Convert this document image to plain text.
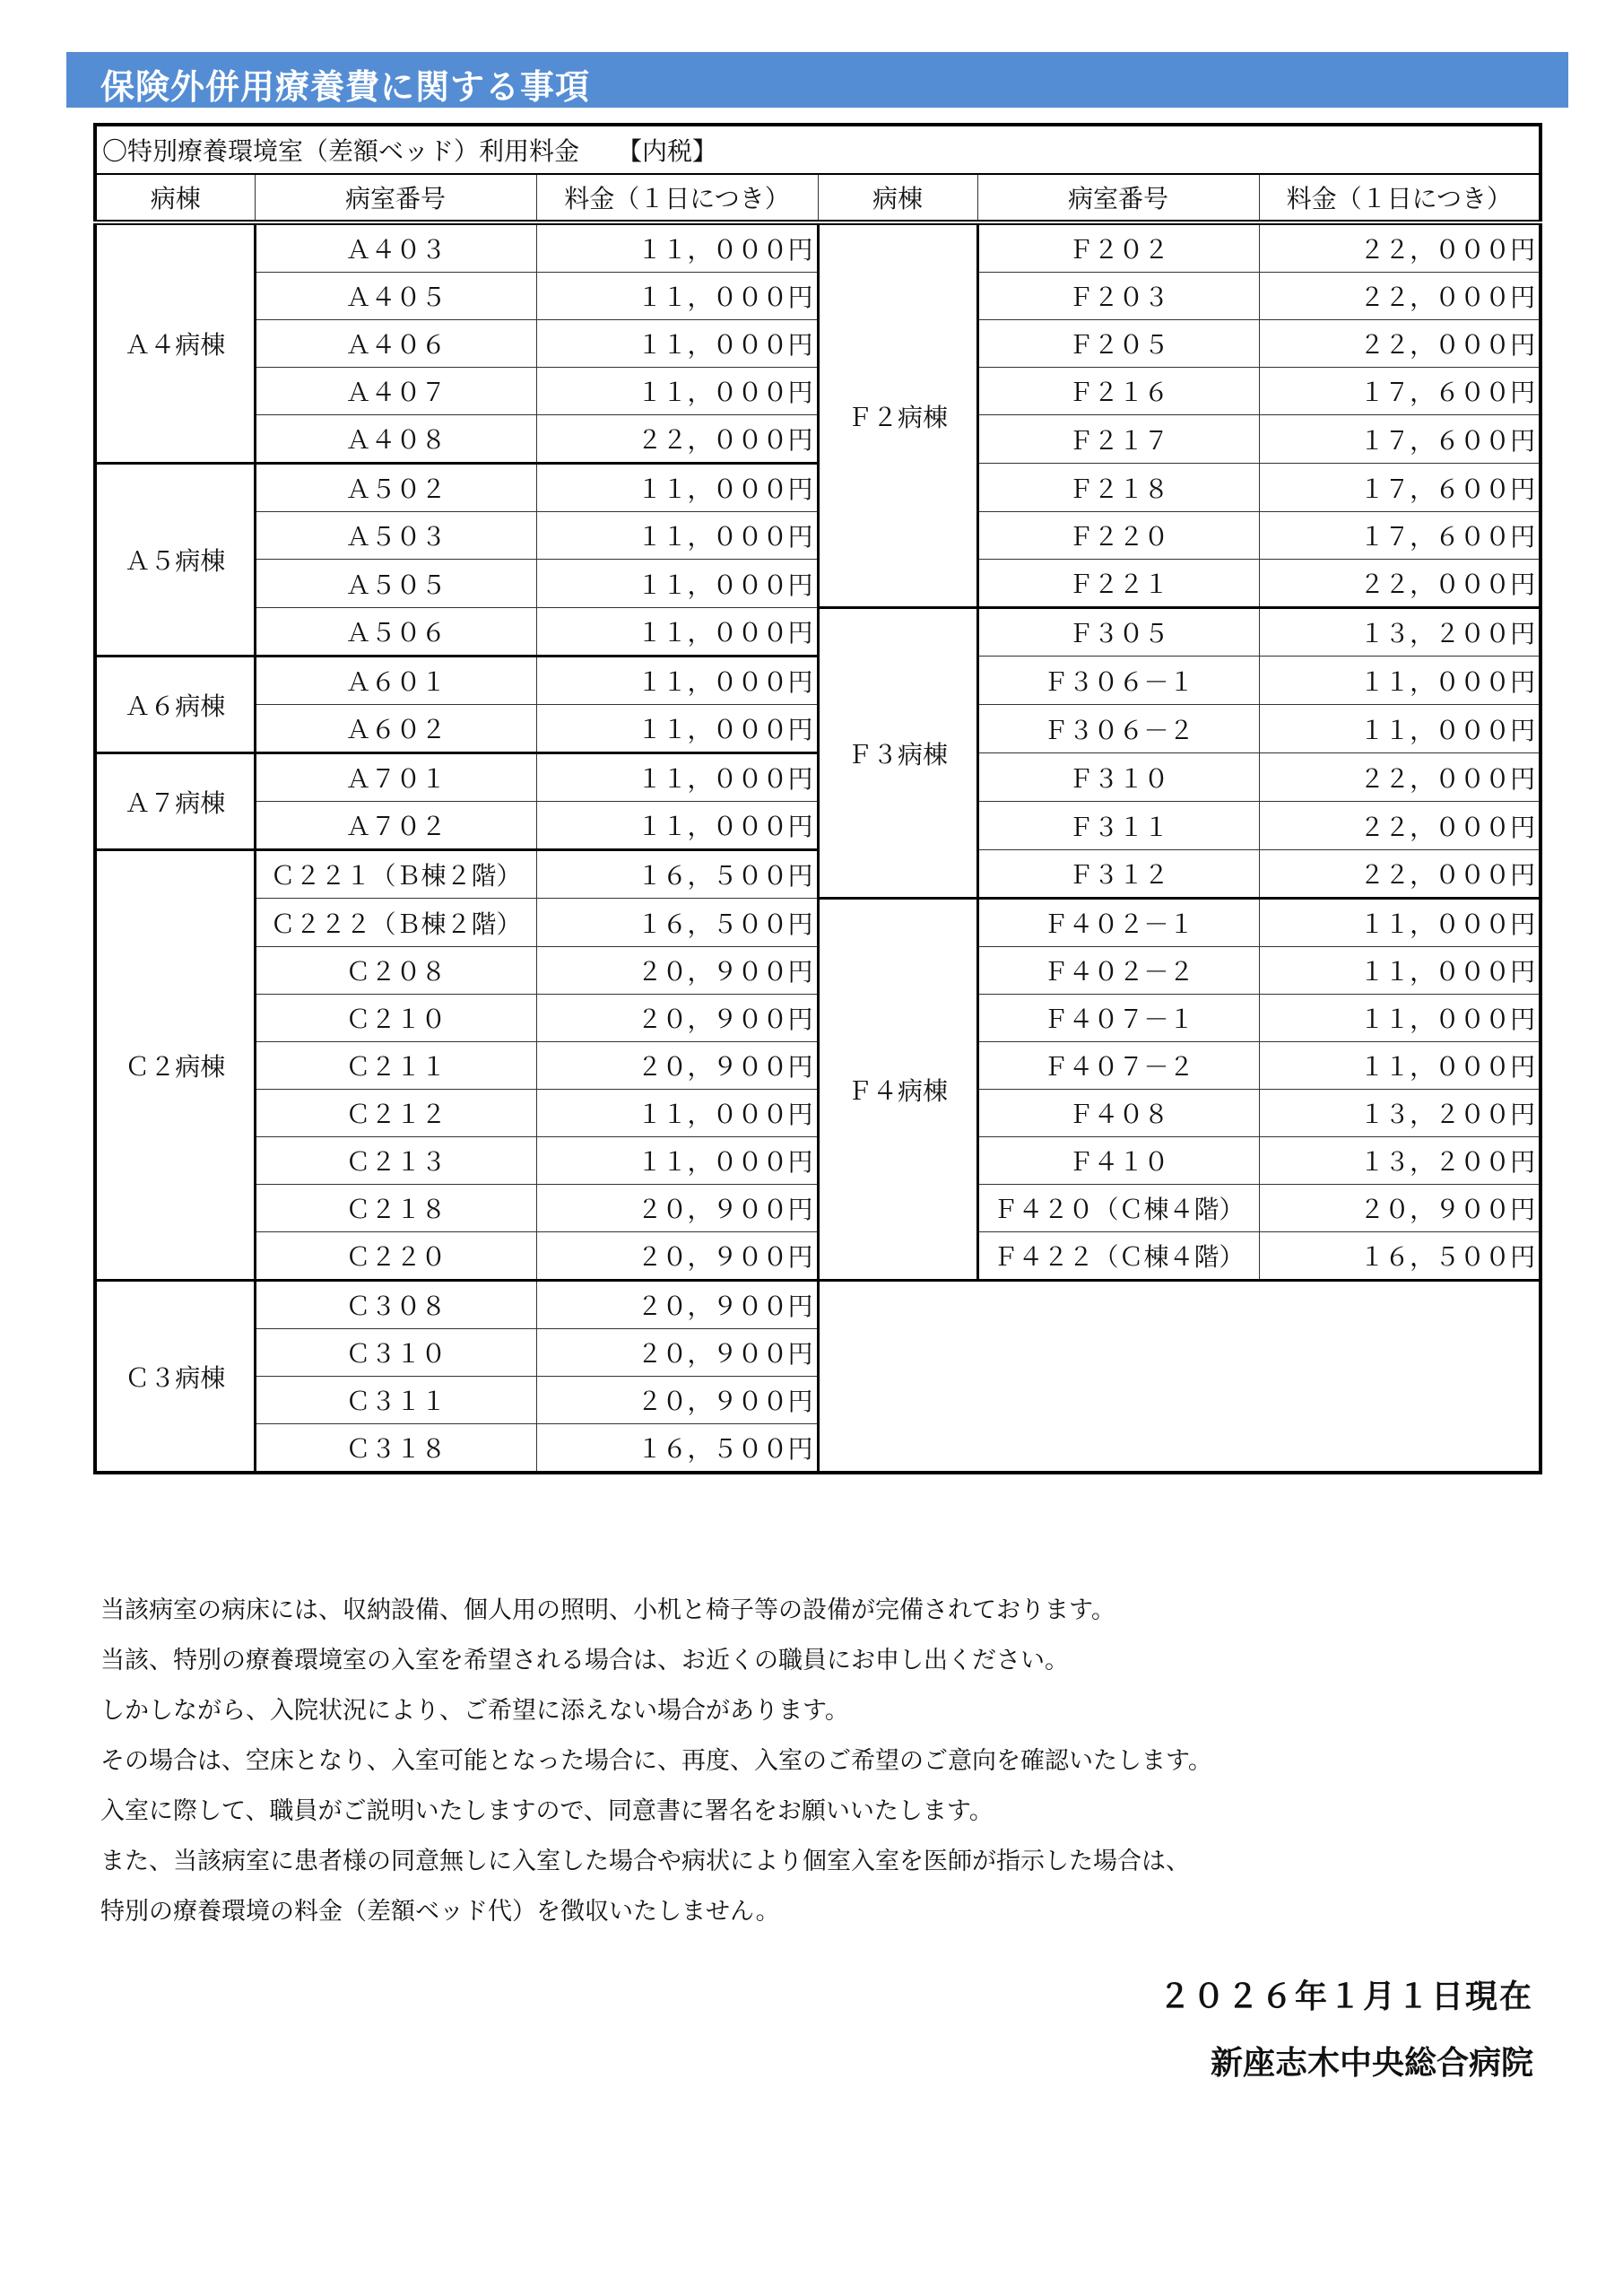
保険外併用療養費に関する事項
〇特別療養環境室（差額ベッド）利用料金　　【内税】					
病棟	病室番号	料金（１日につき）	病棟	病室番号	料金（１日につき）
Ａ４病棟	Ａ４０３	１１，０００円	Ｆ２病棟	Ｆ２０２	２２，０００円
	Ａ４０５	１１，０００円		Ｆ２０３	２２，０００円
	Ａ４０６	１１，０００円		Ｆ２０５	２２，０００円
	Ａ４０７	１１，０００円		Ｆ２１６	１７，６００円
	Ａ４０８	２２，０００円		Ｆ２１７	１７，６００円
Ａ５病棟	Ａ５０２	１１，０００円		Ｆ２１８	１７，６００円
	Ａ５０３	１１，０００円		Ｆ２２０	１７，６００円
	Ａ５０５	１１，０００円		Ｆ２２１	２２，０００円
	Ａ５０６	１１，０００円	Ｆ３病棟	Ｆ３０５	１３，２００円
Ａ６病棟	Ａ６０１	１１，０００円		Ｆ３０６－１	１１，０００円
	Ａ６０２	１１，０００円		Ｆ３０６－２	１１，０００円
Ａ７病棟	Ａ７０１	１１，０００円		Ｆ３１０	２２，０００円
	Ａ７０２	１１，０００円		Ｆ３１１	２２，０００円
Ｃ２病棟	Ｃ２２１（Ｂ棟２階）	１６，５００円		Ｆ３１２	２２，０００円
	Ｃ２２２（Ｂ棟２階）	１６，５００円	Ｆ４病棟	Ｆ４０２－１	１１，０００円
	Ｃ２０８	２０，９００円		Ｆ４０２－２	１１，０００円
	Ｃ２１０	２０，９００円		Ｆ４０７－１	１１，０００円
	Ｃ２１１	２０，９００円		Ｆ４０７－２	１１，０００円
	Ｃ２１２	１１，０００円		Ｆ４０８	１３，２００円
	Ｃ２１３	１１，０００円		Ｆ４１０	１３，２００円
	Ｃ２１８	２０，９００円		Ｆ４２０（Ｃ棟４階）	２０，９００円
	Ｃ２２０	２０，９００円		Ｆ４２２（Ｃ棟４階）	１６，５００円
Ｃ３病棟	Ｃ３０８	２０，９００円			
	Ｃ３１０	２０，９００円			
	Ｃ３１１	２０，９００円			
	Ｃ３１８	１６，５００円			
当該病室の病床には、収納設備、個人用の照明、小机と椅子等の設備が完備されております。
当該、特別の療養環境室の入室を希望される場合は、お近くの職員にお申し出ください。
しかしながら、入院状況により、ご希望に添えない場合があります。
その場合は、空床となり、入室可能となった場合に、再度、入室のご希望のご意向を確認いたします。
入室に際して、職員がご説明いたしますので、同意書に署名をお願いいたします。
また、当該病室に患者様の同意無しに入室した場合や病状により個室入室を医師が指示した場合は、
特別の療養環境の料金（差額ベッド代）を徴収いたしません。
２０２６年１月１日現在
新座志木中央総合病院
